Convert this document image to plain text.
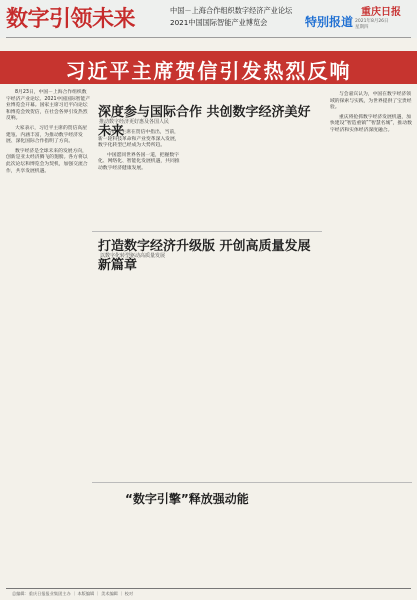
数字引领未来	中国－上海合作组织数字经济产业论坛
2021中国国际智能产业博览会	特别报道
重庆日报
2021年8月26日
星期四
习近平主席贺信引发热烈反响

8月23日，中国－上海合作组织数字经济产业论坛、2021中国国际智能产业博览会开幕。国家主席习近平向论坛和博览会致贺信，在社会各界引发热烈反响。

大家表示，习近平主席的贺信高屋建瓴、内涵丰富，为推动数字经济发展、深化国际合作指明了方向。

数字经济是全球未来的发展方向，创新是亚太经济腾飞的翅膀。各方将以此次论坛和博览会为契机，加强交流合作，共享发展机遇。

深度参与国际合作 共创数字经济美好未来
推动数字经济更好惠及各国人民

习近平主席在贺信中指出，当前，新一轮科技革命和产业变革深入发展，数字化转型已经成为大势所趋。

中国愿同世界各国一道，把握数字化、网络化、智能化发展机遇，共同推动数字经济健康发展。

与会嘉宾认为，中国在数字经济领域的探索与实践，为世界提供了宝贵经验。

重庆将抢抓数字经济发展机遇，加快建设“智造重镇”“智慧名城”，推动数字经济和实体经济深度融合。

打造数字经济升级版 开创高质量发展新篇章
以数字化转型驱动高质量发展
“数字引擎”释放强动能
总编辑：重庆日报报业集团主办 ｜ 本版编辑 ｜ 美术编辑 ｜ 校对
